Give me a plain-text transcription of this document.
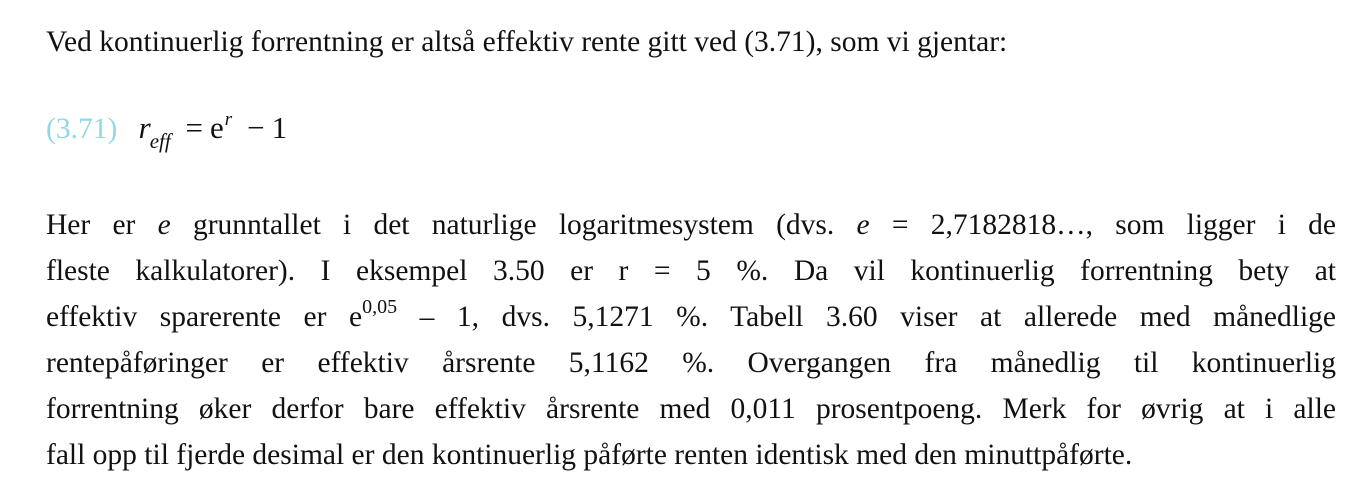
Ved kontinuerlig forrentning er altså effektiv rente gitt ved (3.71), som vi gjentar:
(3.71) $r_{eff} = e^r - 1$
Her er e grunntallet i det naturlige logaritmesystem (dvs. e = 2,7182818…, som ligger i de
fleste kalkulatorer). I eksempel 3.50 er r = 5 %. Da vil kontinuerlig forrentning bety at
effektiv sparerente er $e^{0,05} - 1$, dvs. 5,1271 %. Tabell 3.60 viser at allerede med månedlige
rentepåføringer er effektiv årsrente 5,1162 %. Overgangen fra månedlig til kontinuerlig
forrentning øker derfor bare effektiv årsrente med 0,011 prosentpoeng. Merk for øvrig at i alle
fall opp til fjerde desimal er den kontinuerlig påførte renten identisk med den minuttpåførte.
